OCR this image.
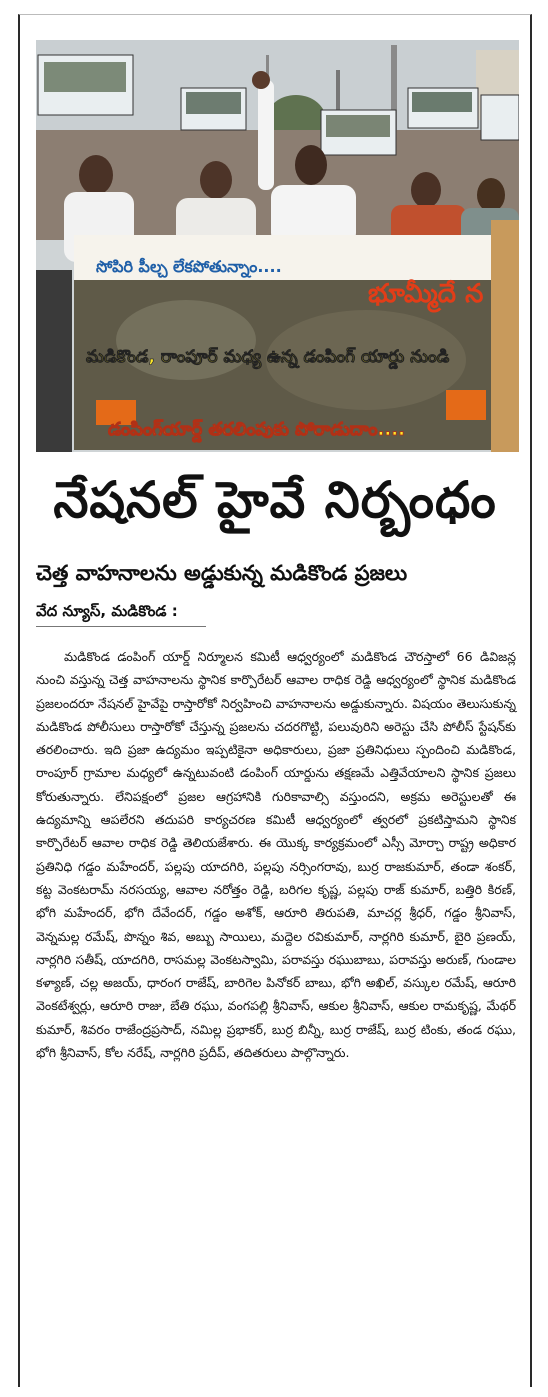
సోపిరి పీల్చ లేకపోతున్నాం....
భూమ్మీదే న
మడికొండ, రాంపూర్ మధ్య ఉన్న డంపింగ్ యార్డు నుండి
డంపింగ్‌యార్డ్ తరలింపుకు పోరాడుదాం....
నేషనల్ హైవే నిర్బంధం
చెత్త వాహనాలను అడ్డుకున్న మడికొండ ప్రజలు
వేద న్యూస్, మడికొండ :
మడికొండ డంపింగ్ యార్డ్ నిర్మూలన కమిటీ ఆధ్వర్యంలో మడికొండ చౌరస్తాలో 66 డివిజన్ల నుంచి వస్తున్న చెత్త వాహనాలను స్థానిక కార్పొరేటర్ ఆవాల రాధిక రెడ్డి ఆధ్వర్యంలో స్థానిక మడికొండ ప్రజలందరూ నేషనల్ హైవేపై రాస్తారోకో నిర్వహించి వాహనాలను అడ్డుకున్నారు. విషయం తెలుసుకున్న మడికొండ పోలీసులు రాస్తారోకో చేస్తున్న ప్రజలను చదరగొట్టి, పలువురిని అరెస్టు చేసి పోలీస్ స్టేషన్‌కు తరలించారు. ఇది ప్రజా ఉద్యమం ఇప్పటికైనా అధికారులు, ప్రజా ప్రతినిధులు స్పందించి మడికొండ, రాంపూర్ గ్రామాల మధ్యలో ఉన్నటువంటి డంపింగ్ యార్డును తక్షణమే ఎత్తివేయాలని స్థానిక ప్రజలు కోరుతున్నారు. లేనిపక్షంలో ప్రజల ఆగ్రహానికి గురికావాల్సి వస్తుందని, అక్రమ అరెస్టులతో ఈ ఉద్యమాన్ని ఆపలేరని తదుపరి కార్యచరణ కమిటీ ఆధ్వర్యంలో త్వరలో ప్రకటిస్తామని స్థానిక కార్పొరేటర్ ఆవాల రాధిక రెడ్డి తెలియజేశారు. ఈ యొక్క కార్యక్రమంలో ఎస్సీ మోర్చా రాష్ట్ర అధికార ప్రతినిధి గడ్డం మహేందర్, పల్లపు యాదగిరి, పల్లపు నర్సింగరావు, బుర్ర రాజకుమార్, తండా శంకర్, కట్ట వెంకటరామ్ నరసయ్య, ఆవాల నరోత్తం రెడ్డి, బరిగల కృష్ణ, పల్లపు రాజ్ కుమార్, బత్తిరి కిరణ్, భోగి మహేందర్, భోగి దేవేందర్, గడ్డం అశోక్, ఆరూరి తిరుపతి, మాచర్ల శ్రీధర్, గడ్డం శ్రీనివాస్, వెన్నమల్ల రమేష్, పొన్నం శివ, అబ్బు సాయిలు, మద్దెల రవికుమార్, నార్లగిరి కుమార్, బైరి ప్రణయ్, నార్లగిరి సతీష్, యాదగిరి, రాసమల్ల వెంకటస్వామి, పరావస్తు రఘుబాబు, పరావస్తు అరుణ్, గుండాల కళ్యాణ్, చల్ల అజయ్, ధారంగ రాజేష్, బారిగెల పినోకర్ బాబు, భోగి అఖిల్, వస్కుల రమేష్, ఆరూరి వెంకటేశ్వర్లు, ఆరూరి రాజు, బేతి రఘు, వంగపల్లి శ్రీనివాస్, ఆకుల శ్రీనివాస్, ఆకుల రామకృష్ణ, మేథర్ కుమార్, శివరం రాజేంద్రప్రసాద్, నమిల్ల ప్రభాకర్, బుర్ర బిన్నీ, బుర్ర రాజేష్, బుర్ర టింకు, తండ రఘు, భోగి శ్రీనివాస్, కోల నరేష్, నార్లగిరి ప్రదీప్, తదితరులు పాల్గొన్నారు.
